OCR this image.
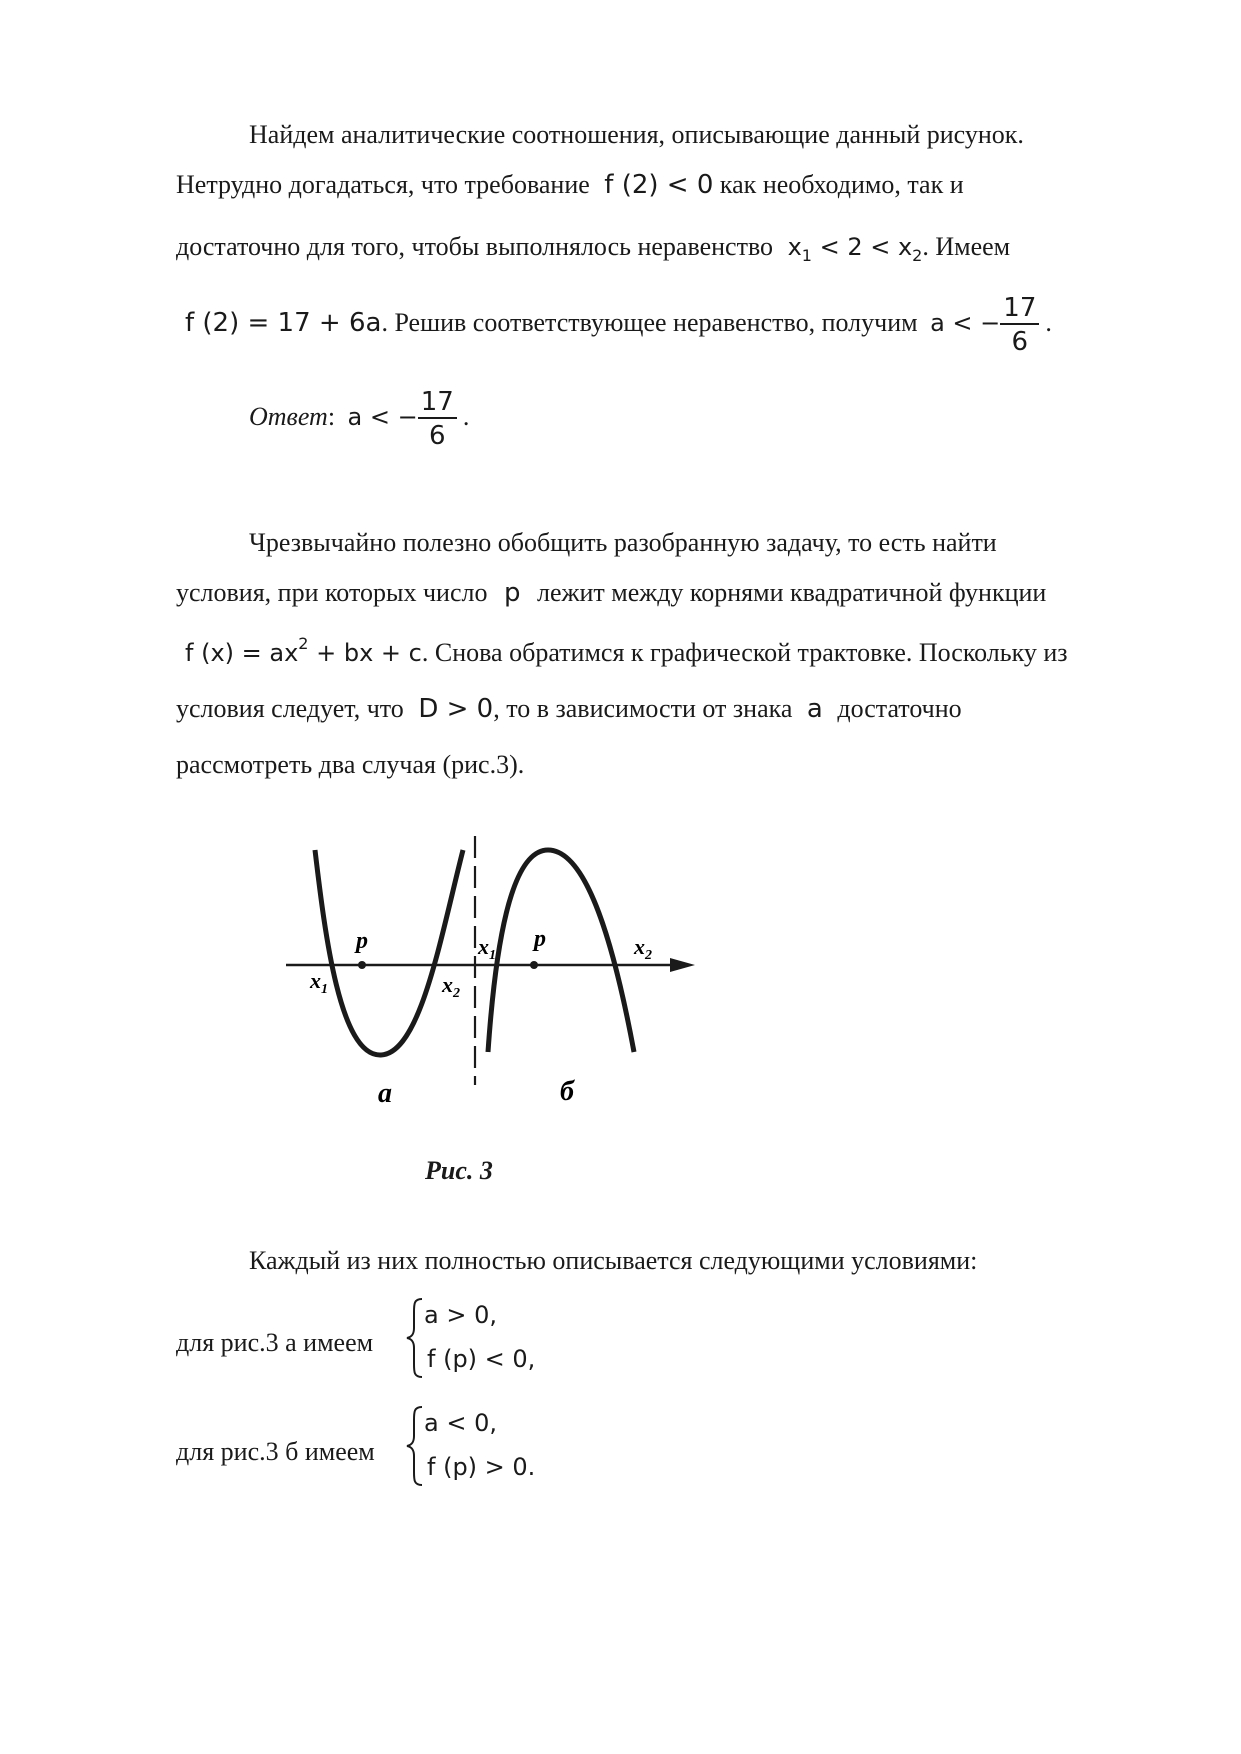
Найдем аналитические соотношения, описывающие данный рисунок.
Нетрудно догадаться, что требование f (2) < 0 как необходимо, так и
достаточно для того, чтобы выполнялось неравенство $x_1 < 2 < x_2$. Имеем
f (2) = 17 + 6a. Решив соответствующее неравенство, получим a < − $\frac{17}{6}$ .
Ответ: a < − $\frac{17}{6}$ .
Чрезвычайно полезно обобщить разобранную задачу, то есть найти
условия, при которых число p лежит между корнями квадратичной функции
f $(x) = ax^2$ + bx + c. Снова обратимся к графической трактовке. Поскольку из
условия следует, что D > 0, то в зависимости от знака a достаточно
рассмотреть два случая (рис.3).
p
$x_1$	$x_2$
a
p
$x_1$	$x_2$
б
Рис. 3
Каждый из них полностью описывается следующими условиями:
для рис.3 а имеем
a > 0,
f (p) < 0,
для рис.3 б имеем
a < 0,
f (p) > 0.
